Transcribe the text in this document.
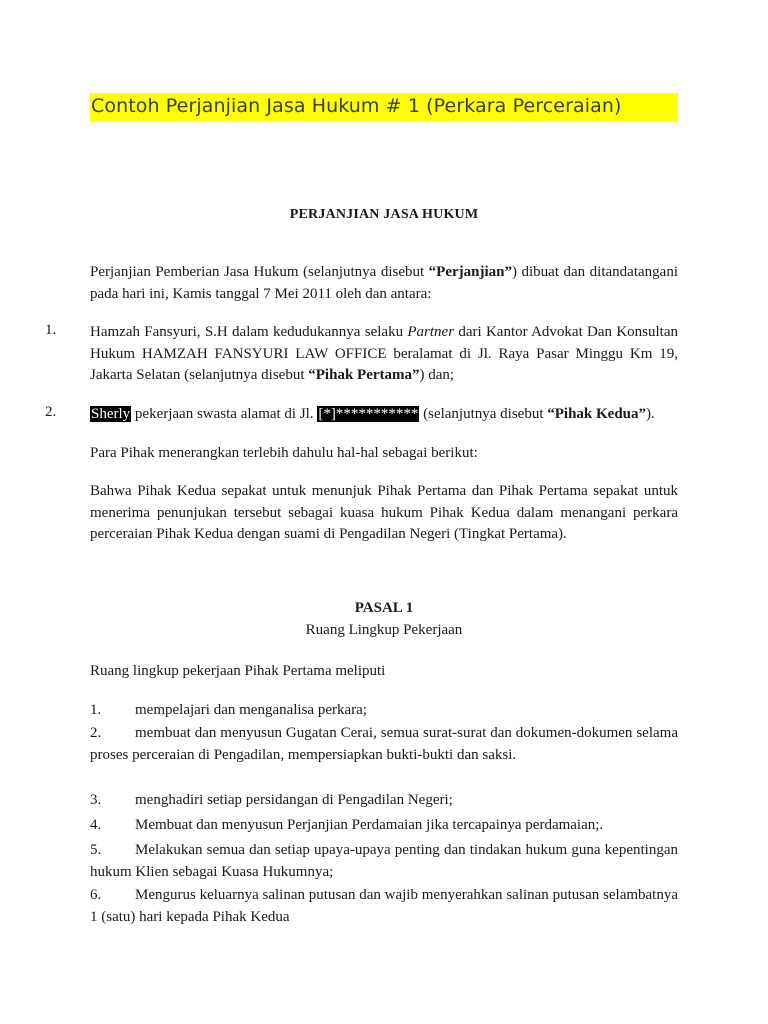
Contoh Perjanjian Jasa Hukum # 1 (Perkara Perceraian)
PERJANJIAN JASA HUKUM
Perjanjian Pemberian Jasa Hukum (selanjutnya disebut “Perjanjian”) dibuat dan ditandatangani pada hari ini, Kamis tanggal 7 Mei 2011 oleh dan antara:
1. Hamzah Fansyuri, S.H dalam kedudukannya selaku Partner dari Kantor Advokat Dan Konsultan Hukum HAMZAH FANSYURI LAW OFFICE beralamat di Jl. Raya Pasar Minggu Km 19, Jakarta Selatan (selanjutnya disebut “Pihak Pertama”) dan;
2. Sherly pekerjaan swasta alamat di Jl. [*]*********** (selanjutnya disebut “Pihak Kedua”).
Para Pihak menerangkan terlebih dahulu hal-hal sebagai berikut:
Bahwa Pihak Kedua sepakat untuk menunjuk Pihak Pertama dan Pihak Pertama sepakat untuk menerima penunjukan tersebut sebagai kuasa hukum Pihak Kedua dalam menangani perkara perceraian Pihak Kedua dengan suami di Pengadilan Negeri (Tingkat Pertama).
PASAL 1
Ruang Lingkup Pekerjaan
Ruang lingkup pekerjaan Pihak Pertama meliputi
1. mempelajari dan menganalisa perkara;
2. membuat dan menyusun Gugatan Cerai, semua surat-surat dan dokumen-dokumen selama proses perceraian di Pengadilan, mempersiapkan bukti-bukti dan saksi.
3. menghadiri setiap persidangan di Pengadilan Negeri;
4. Membuat dan menyusun Perjanjian Perdamaian jika tercapainya perdamaian;.
5. Melakukan semua dan setiap upaya-upaya penting dan tindakan hukum guna kepentingan hukum Klien sebagai Kuasa Hukumnya;
6. Mengurus keluarnya salinan putusan dan wajib menyerahkan salinan putusan selambatnya 1 (satu) hari kepada Pihak Kedua
